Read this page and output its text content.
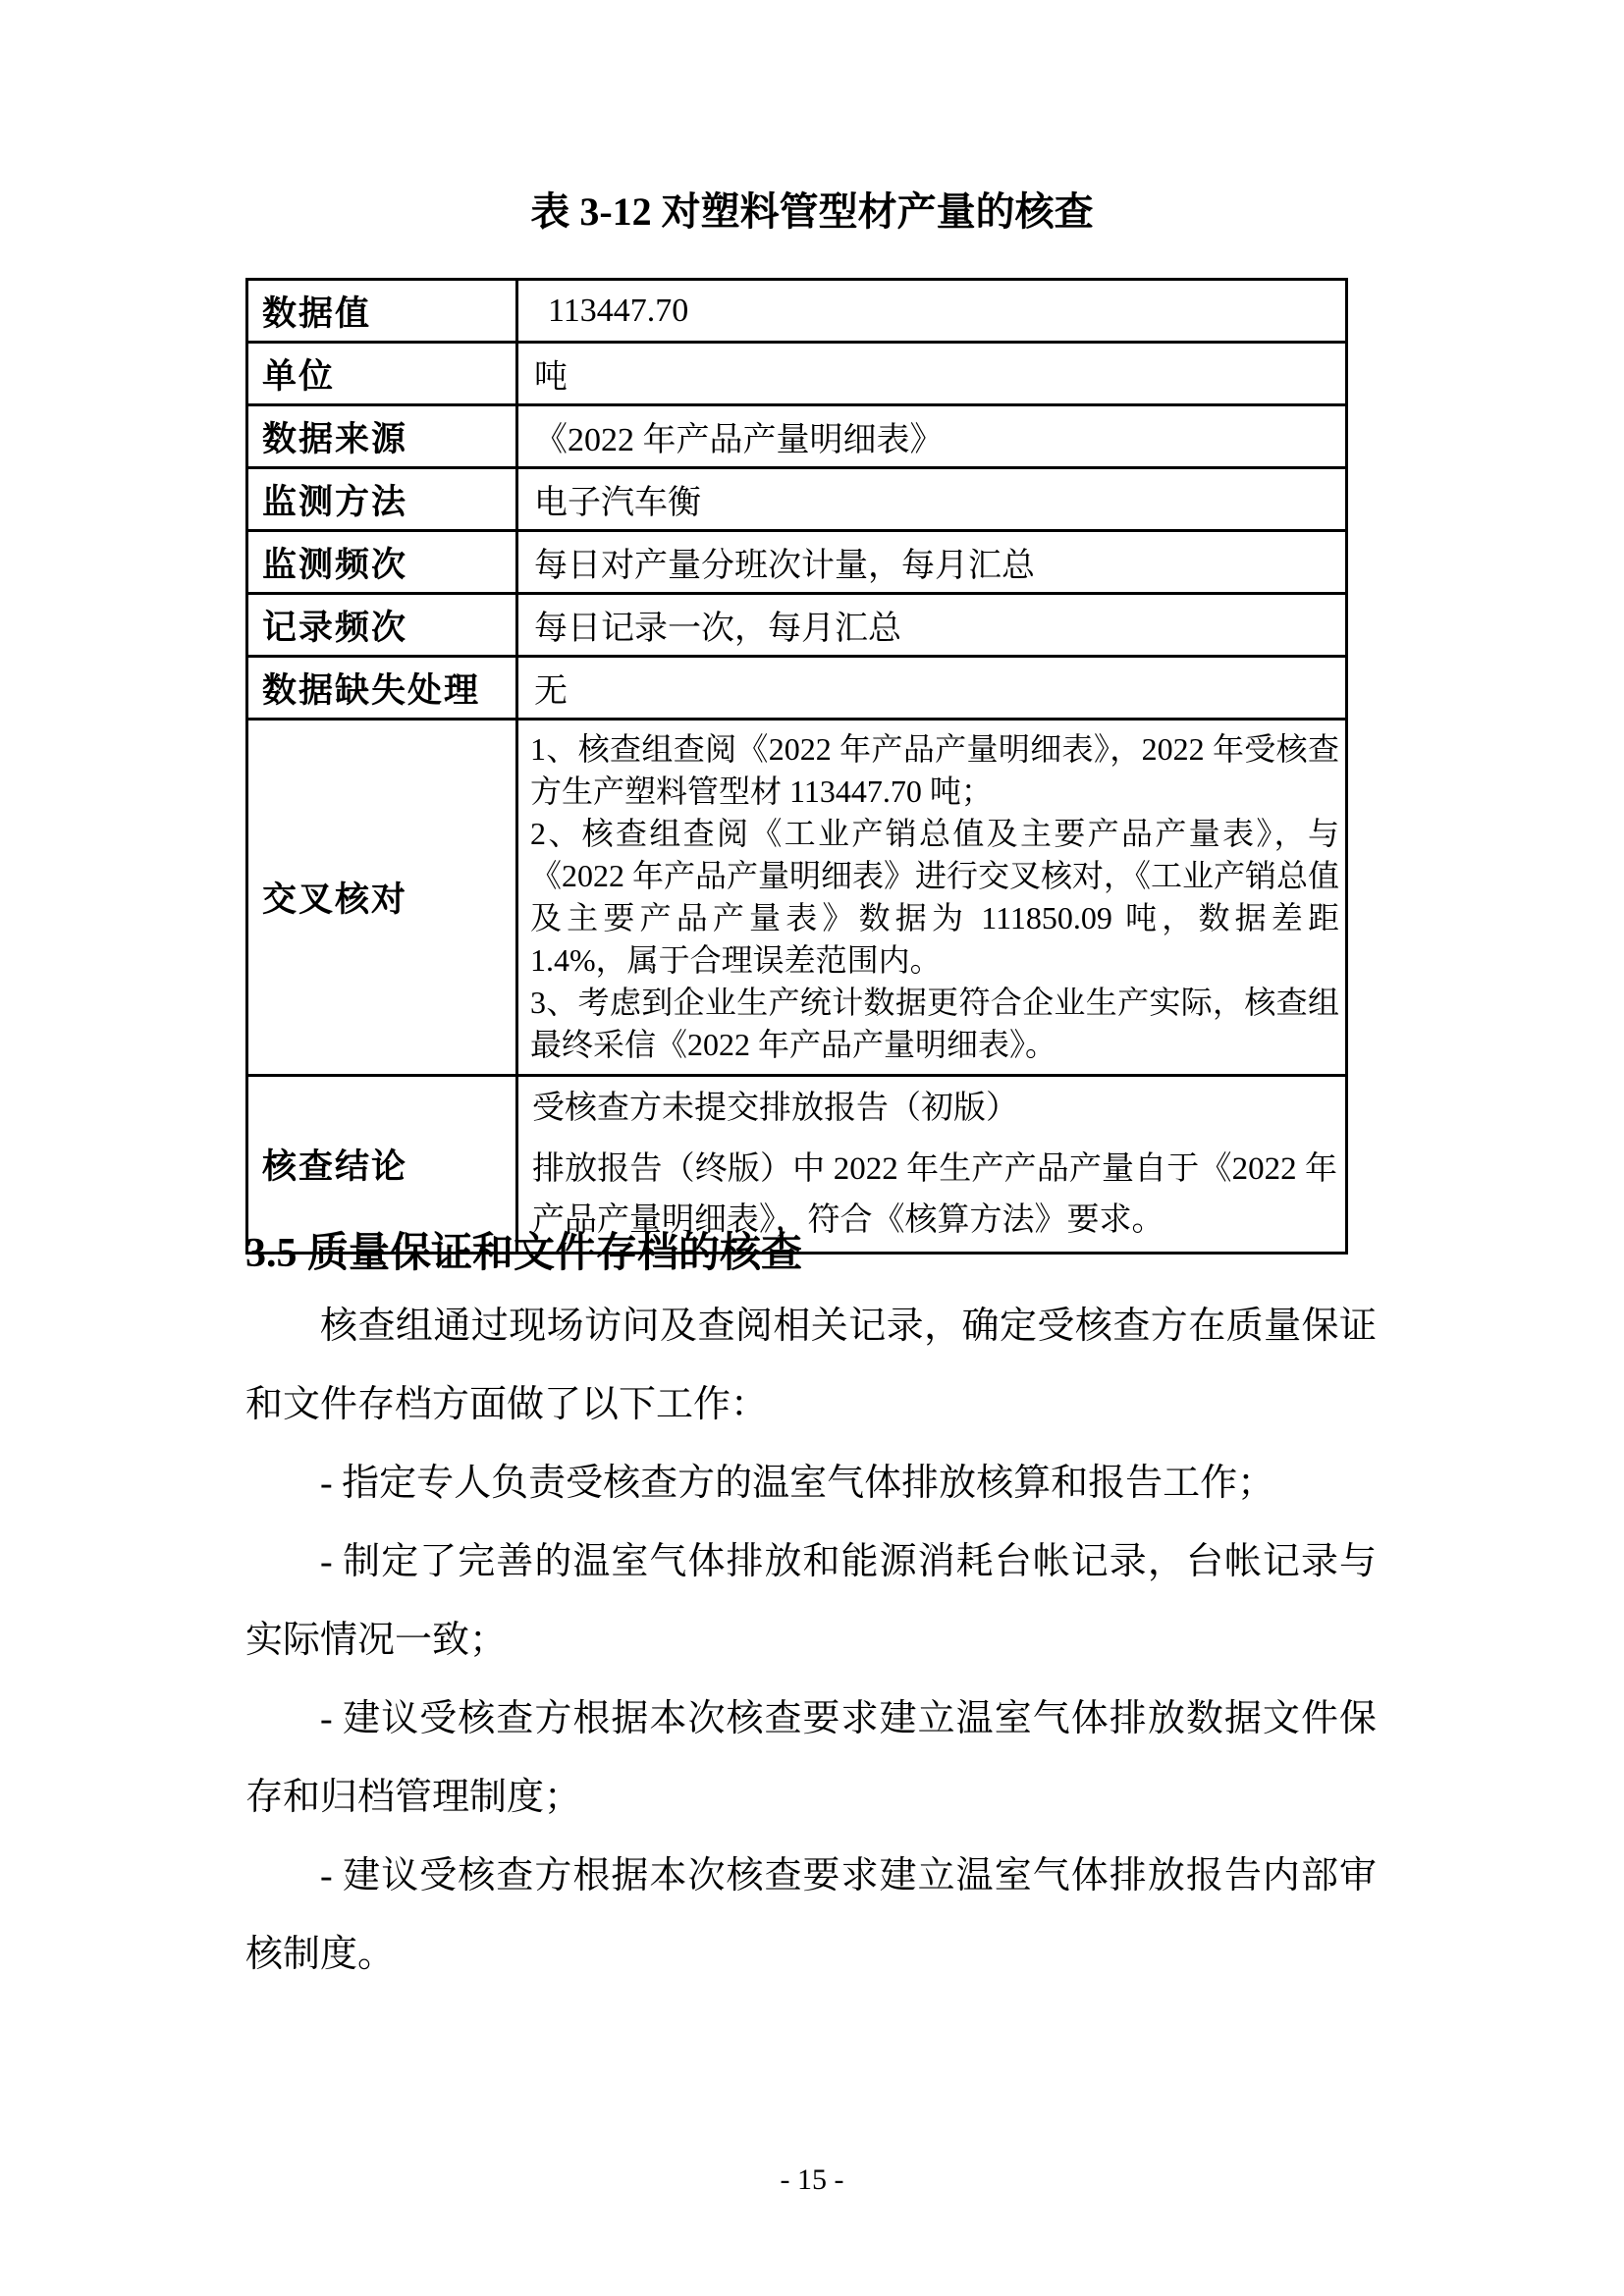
表 3-12 对塑料管型材产量的核查
数据值	113447.70
单位	吨
数据来源	《2022 年产品产量明细表》
监测方法	电子汽车衡
监测频次	每日对产量分班次计量，每月汇总
记录频次	每日记录一次，每月汇总
数据缺失处理	无
交叉核对	1、核查组查阅《2022 年产品产量明细表》，2022 年受核查方生产塑料管型材 113447.70 吨；

2、核查组查阅《工业产销总值及主要产品产量表》，与《2022 年产品产量明细表》进行交叉核对，《工业产销总值及主要产品产量表》数据为 111850.09 吨，数据差距 1.4%，属于合理误差范围内。

3、考虑到企业生产统计数据更符合企业生产实际，核查组最终采信《2022 年产品产量明细表》。

核查结论	受核查方未提交排放报告（初版）

排放报告（终版）中 2022 年生产产品产量自于《2022 年产品产量明细表》，符合《核算方法》要求。

3.5 质量保证和文件存档的核查

核查组通过现场访问及查阅相关记录，确定受核查方在质量保证和文件存档方面做了以下工作：

- 指定专人负责受核查方的温室气体排放核算和报告工作；

- 制定了完善的温室气体排放和能源消耗台帐记录，台帐记录与实际情况一致；

- 建议受核查方根据本次核查要求建立温室气体排放数据文件保存和归档管理制度；

- 建议受核查方根据本次核查要求建立温室气体排放报告内部审核制度。

- 15 -
